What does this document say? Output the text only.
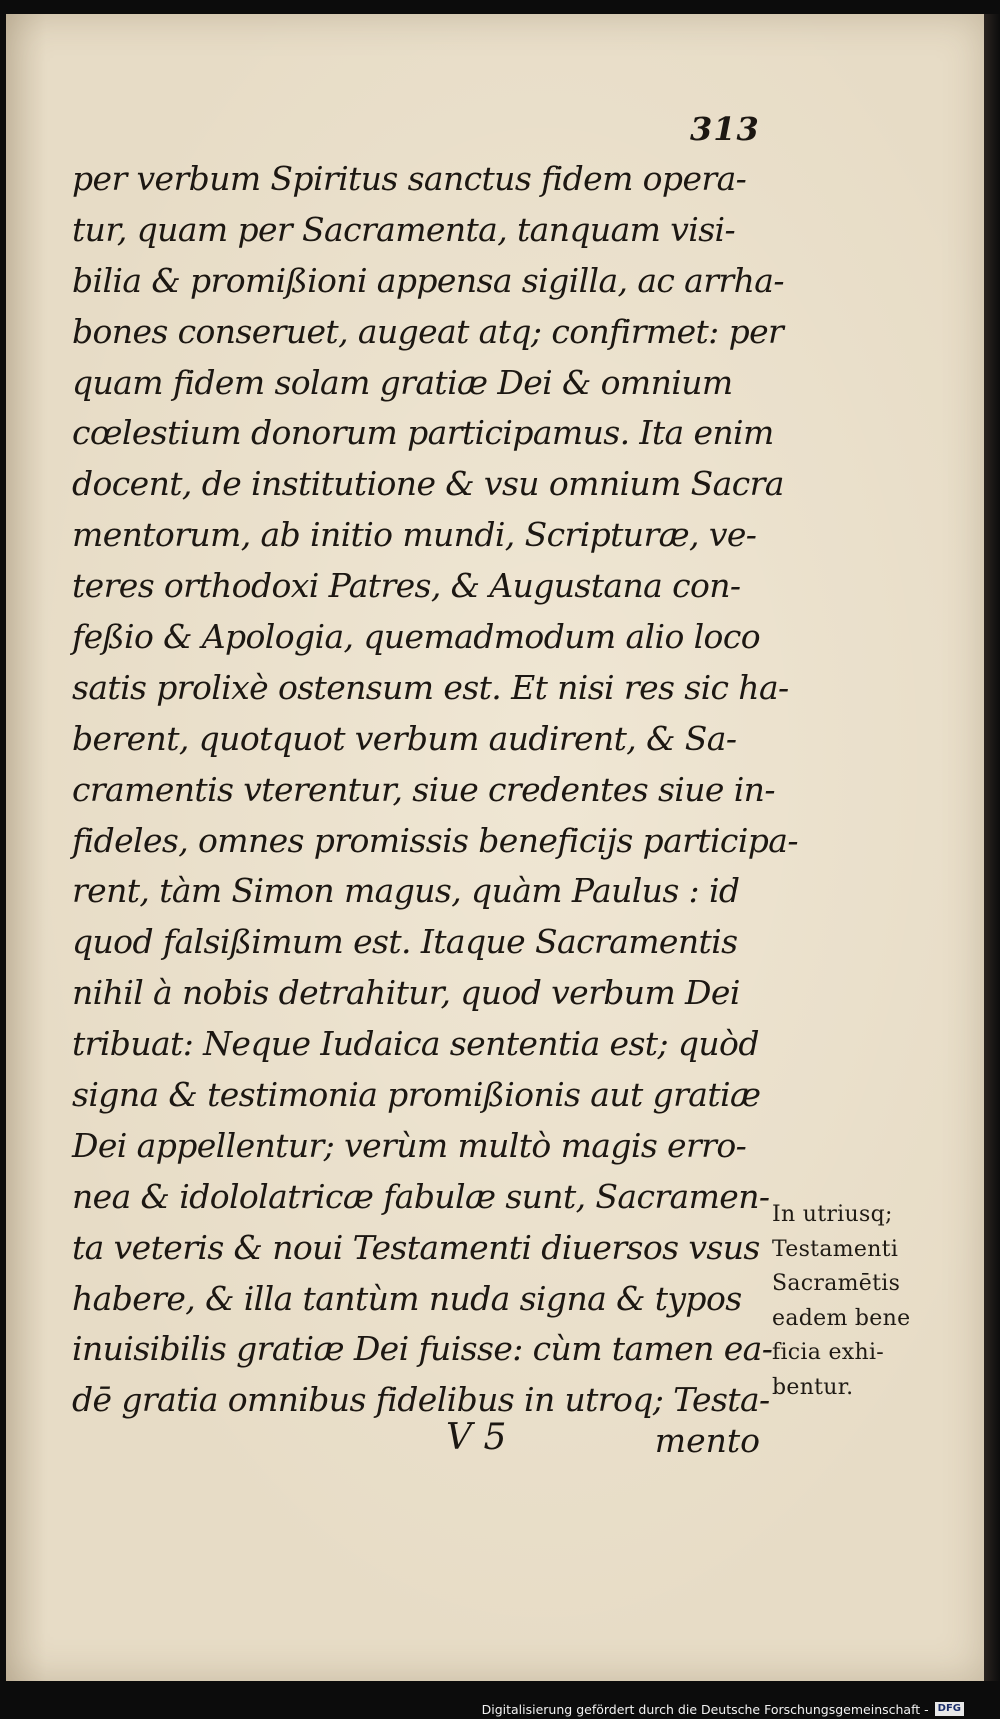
313
per verbum Spiritus sanctus fidem opera-
tur, quam per Sacramenta, tanquam visi-
bilia & promißioni appensa sigilla, ac arrha-
bones conseruet, augeat atq; confirmet: per
quam fidem solam gratiæ Dei & omnium
cœlestium donorum participamus. Ita enim
docent, de institutione & vsu omnium Sacra
mentorum, ab initio mundi, Scripturæ, ve-
teres orthodoxi Patres, & Augustana con-
feßio & Apologia, quemadmodum alio loco
satis prolixè ostensum est. Et nisi res sic ha-
berent, quotquot verbum audirent, & Sa-
cramentis vterentur, siue credentes siue in-
fideles, omnes promissis beneficijs participa-
rent, tàm Simon magus, quàm Paulus : id
quod falsißimum est. Itaque Sacramentis
nihil à nobis detrahitur, quod verbum Dei
tribuat: Neque Iudaica sententia est; quòd
signa & testimonia promißionis aut gratiæ
Dei appellentur; verùm multò magis erro-
nea & idololatricæ fabulæ sunt, Sacramen-
ta veteris & noui Testamenti diuersos vsus
habere, & illa tantùm nuda signa & typos
inuisibilis gratiæ Dei fuisse: cùm tamen ea-
dē gratia omnibus fidelibus in utroq; Testa-
In utriusq;
Testamenti
Sacramētis
eadem bene
ficia exhi-
bentur.
V 5	mento
Digitalisierung gefördert durch die Deutsche Forschungsgemeinschaft - DFG
